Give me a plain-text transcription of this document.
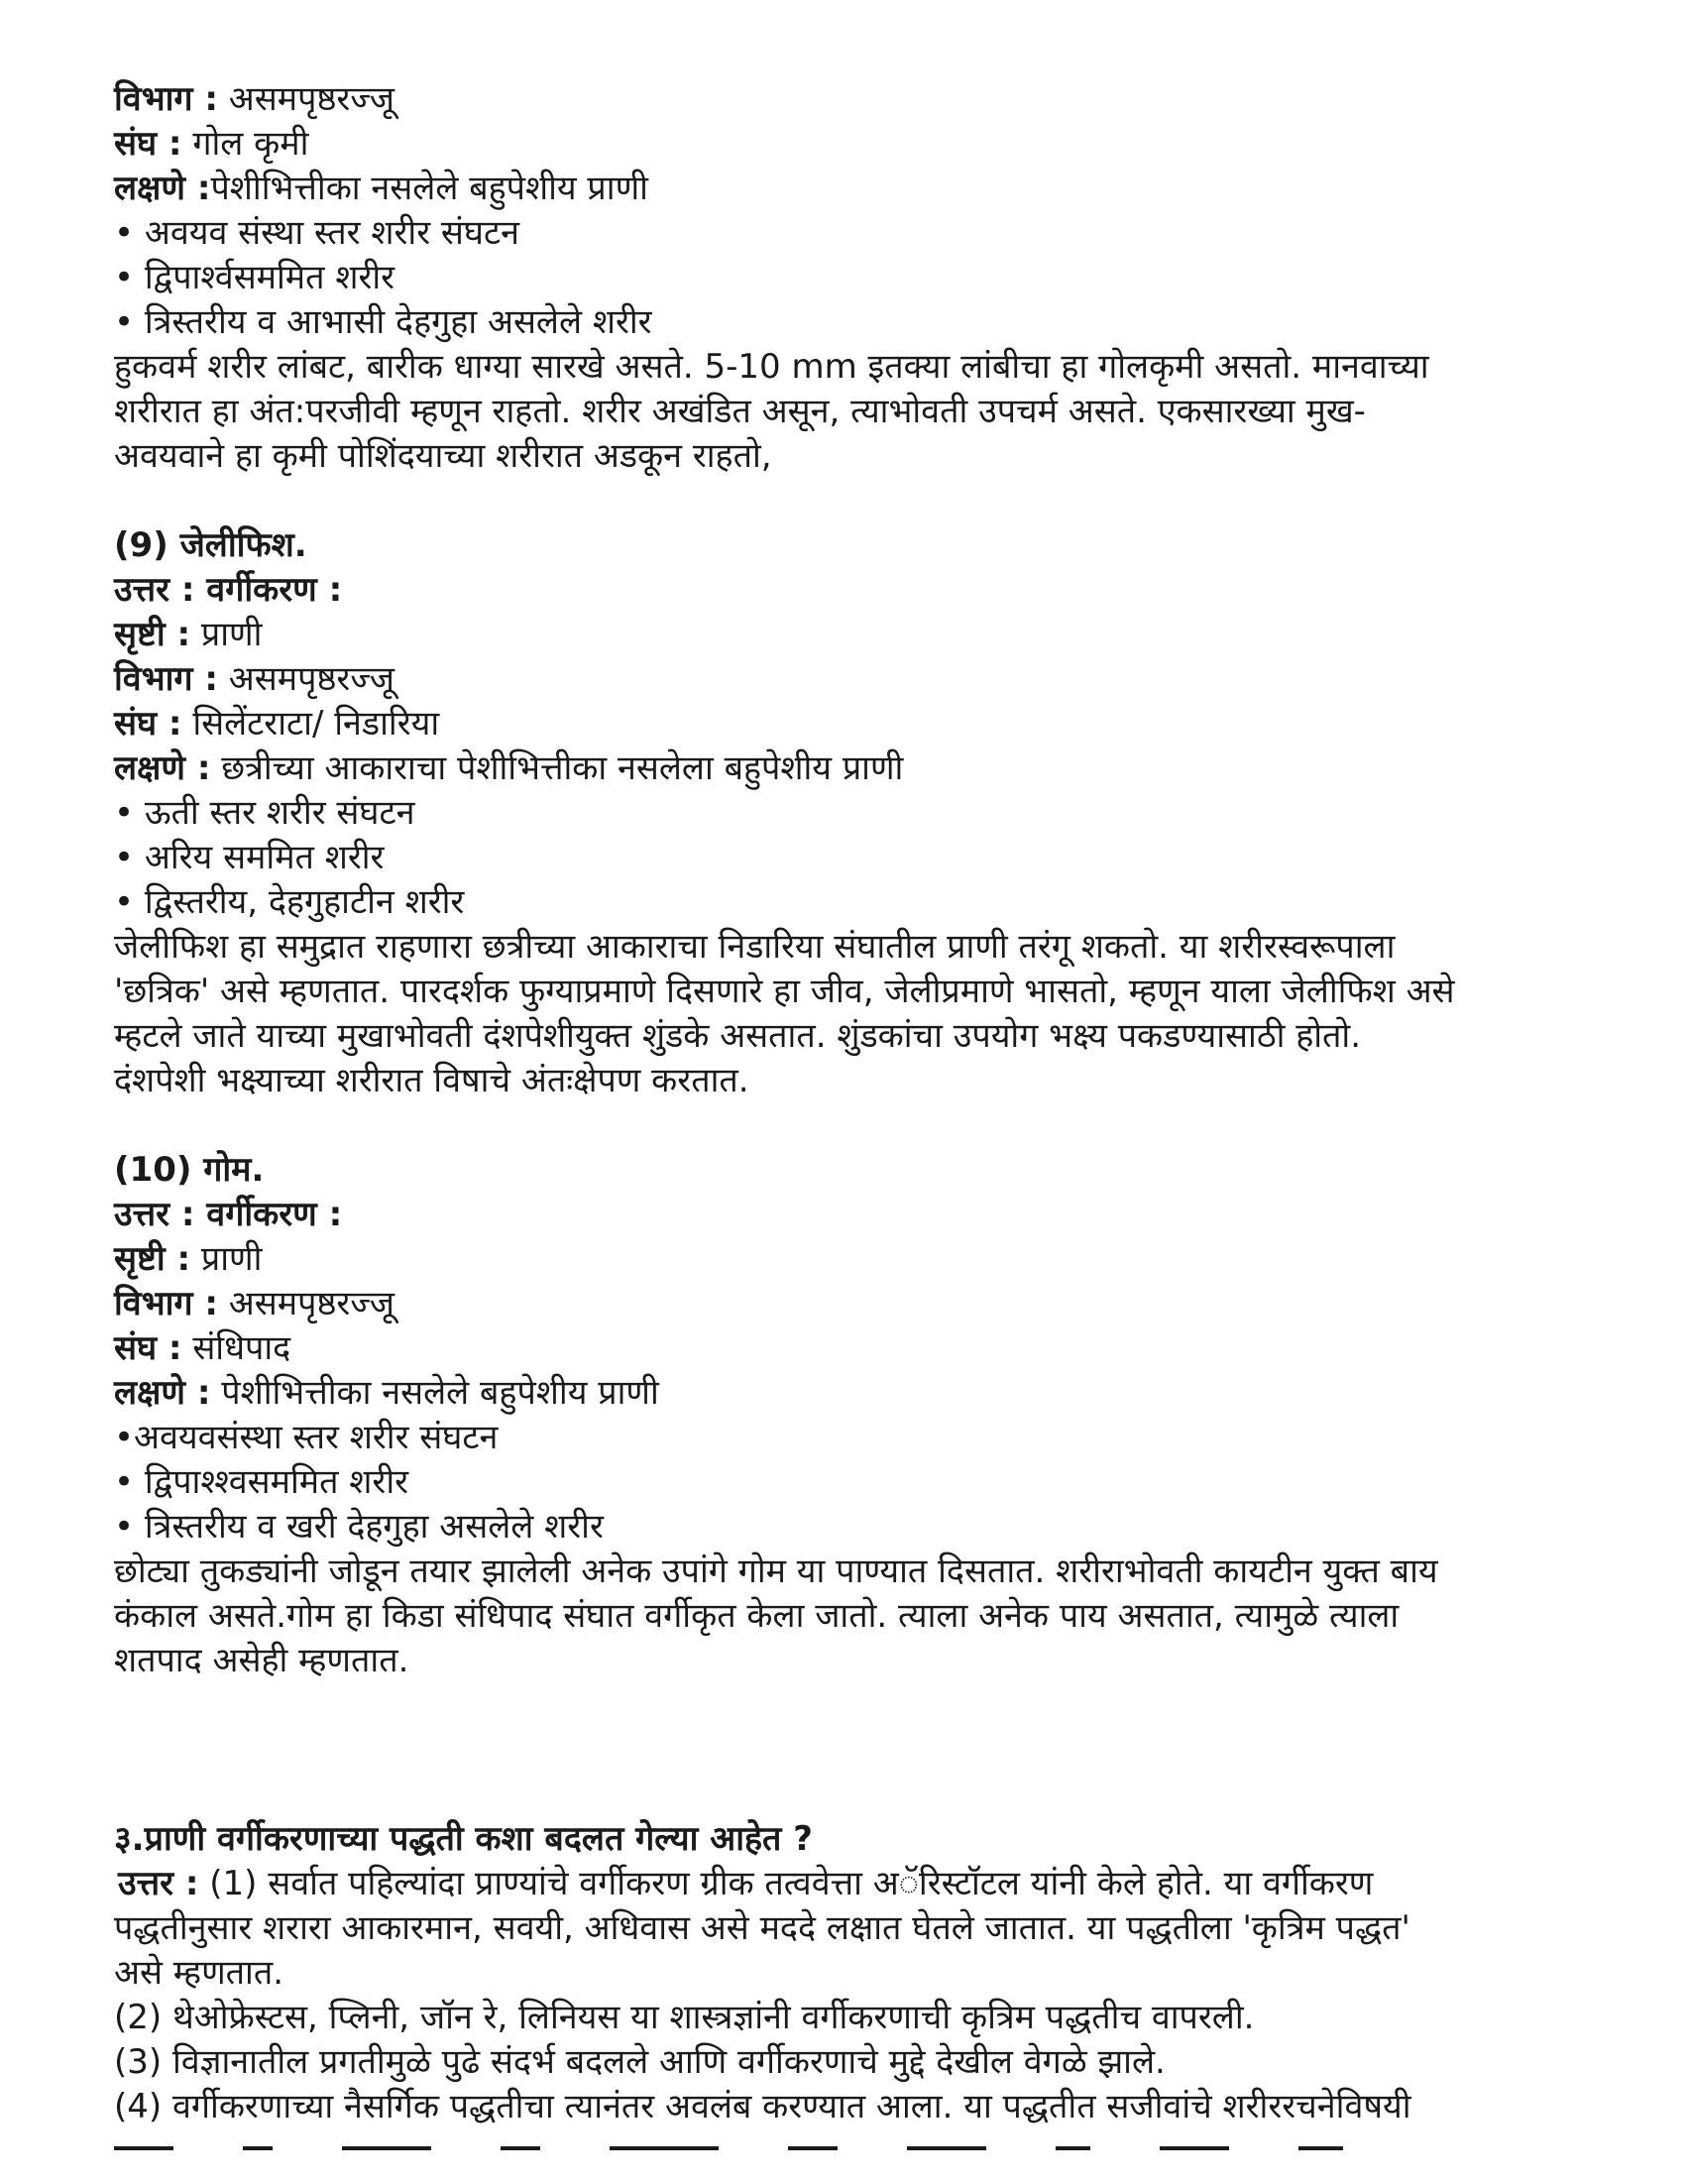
विभाग : असमपृष्ठरज्जू
संघ : गोल कृमी
लक्षणे :पेशीभित्तीका नसलेले बहुपेशीय प्राणी
• अवयव संस्था स्तर शरीर संघटन
• द्विपार्श्वसममित शरीर
• त्रिस्तरीय व आभासी देहगुहा असलेले शरीर
हुकवर्म शरीर लांबट, बारीक धाग्या सारखे असते. 5-10 mm इतक्या लांबीचा हा गोलकृमी असतो. मानवाच्या
शरीरात हा अंत:परजीवी म्हणून राहतो. शरीर अखंडित असून, त्याभोवती उपचर्म असते. एकसारख्या मुख-
अवयवाने हा कृमी पोशिंदयाच्या शरीरात अडकून राहतो,
(9) जेलीफिश.
उत्तर : वर्गीकरण :
सृष्टी : प्राणी
विभाग : असमपृष्ठरज्जू
संघ : सिलेंटराटा/ निडारिया
लक्षणे : छत्रीच्या आकाराचा पेशीभित्तीका नसलेला बहुपेशीय प्राणी
• ऊती स्तर शरीर संघटन
• अरिय सममित शरीर
• द्विस्तरीय, देहगुहाटीन शरीर
जेलीफिश हा समुद्रात राहणारा छत्रीच्या आकाराचा निडारिया संघातील प्राणी तरंगू शकतो. या शरीरस्वरूपाला
'छत्रिक' असे म्हणतात. पारदर्शक फुग्याप्रमाणे दिसणारे हा जीव, जेलीप्रमाणे भासतो, म्हणून याला जेलीफिश असे
म्हटले जाते याच्या मुखाभोवती दंशपेशीयुक्त शुंडके असतात. शुंडकांचा उपयोग भक्ष्य पकडण्यासाठी होतो.
दंशपेशी भक्ष्याच्या शरीरात विषाचे अंतःक्षेपण करतात.
(10) गोम.
उत्तर : वर्गीकरण :
सृष्टी : प्राणी
विभाग : असमपृष्ठरज्जू
संघ : संधिपाद
लक्षणे : पेशीभित्तीका नसलेले बहुपेशीय प्राणी
•अवयवसंस्था स्तर शरीर संघटन
• द्विपाश्श्वसममित शरीर
• त्रिस्तरीय व खरी देहगुहा असलेले शरीर
छोट्या तुकड्यांनी जोडून तयार झालेली अनेक उपांगे गोम या पाण्यात दिसतात. शरीराभोवती कायटीन युक्त बाय
कंकाल असते.गोम हा किडा संधिपाद संघात वर्गीकृत केला जातो. त्याला अनेक पाय असतात, त्यामुळे त्याला
शतपाद असेही म्हणतात.
३.प्राणी वर्गीकरणाच्या पद्धती कशा बदलत गेल्या आहेत ?
उत्तर : (1) सर्वात पहिल्यांदा प्राण्यांचे वर्गीकरण ग्रीक तत्ववेत्ता अॅरिस्टॉटल यांनी केले होते. या वर्गीकरण
पद्धतीनुसार शरारा आकारमान, सवयी, अधिवास असे मददे लक्षात घेतले जातात. या पद्धतीला 'कृत्रिम पद्धत'
असे म्हणतात.
(2) थेओफ्रेस्टस, प्लिनी, जॉन रे, लिनियस या शास्त्रज्ञांनी वर्गीकरणाची कृत्रिम पद्धतीच वापरली.
(3) विज्ञानातील प्रगतीमुळे पुढे संदर्भ बदलले आणि वर्गीकरणाचे मुद्दे देखील वेगळे झाले.
(4) वर्गीकरणाच्या नैसर्गिक पद्धतीचा त्यानंतर अवलंब करण्यात आला. या पद्धतीत सजीवांचे शरीररचनेविषयी
